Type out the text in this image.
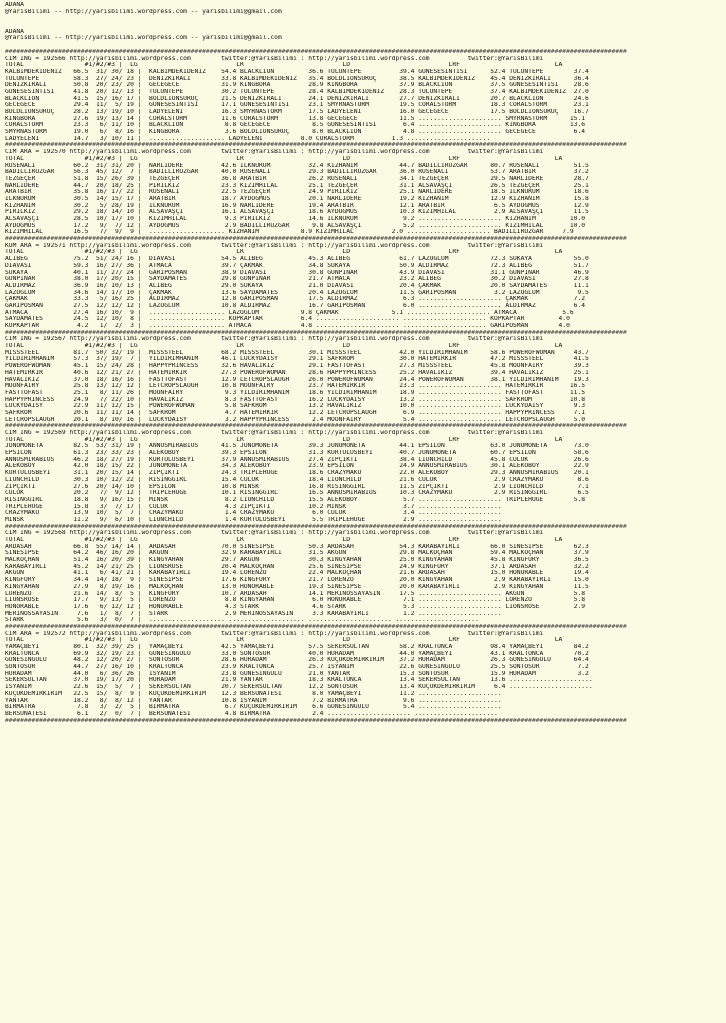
ADANA
@YarisBilimi -- http://yarisbilimi.wordpress.com -- yarisbilimi@gmail.com
ADANA
@YarisBilimi -- http://yarisbilimi.wordpress.com -- yarisbilimi@gmail.com
####################################################################################################################################################################
CIM ING = 192566 http://yarisbilimi.wordpress.com        twitter:@YarisBilimi : http://yarisbilimi.wordpress.com          twitter:@YarisBilimi
TOTAL                #1/#2/#3 |  LG                          LR                          LD                          LRF                         LA
KALBIMDEKIDENIZ   66.5  31/ 30/ 18 |  KALBIMDEKIDENIZ    54.4 BLACKLION         36.6 TÜLÜNTEPE          39.4 GÜNESESINTISI      52.4 TÜLÜNTEPE        37.4
TÜLÜNTEPE         58.3  27/ 24/ 23 |  DENIZKIRALI        33.8 KALBIMDEKIDENIZ   35.4 BOLDLIONSURUÇ      38.5 KALBIMDEKIDENIZ    45.4 DENIZKIRALI      36.4
DENIZKIRALI       50.8  20/ 23/ 20 |  GECEGECE           31.9 KINGBORA          28.9 KINGBORA           37.9 BLACKLION          37.5 GÜNESESINTISI    28.6
GÜNESESINTISI     41.8  20/ 12/ 13 |  TÜLÜNTEPE          30.2 TÜLÜNTEPE         28.4 KALBIMDEKIDENIZ    28.3 TÜLÜNTEPE          37.4 KALBIMDEKIDENIZ  27.0
BLACKLION         41.5  15/ 16/ 17 |  BOLDLIONSURUÇ      21.5 DENIZKIRALI       24.1 DENIZKIRALI        27.7 DENIZKIRALI        20.7 BLACKLION        24.6
GECEGECE          29.4  11/  5/ 19 |  GÜNESESINTISI      17.1 GÜNESESINTISI     23.1 SMYRNASTORM        19.5 CORALSTORM         18.3 CORALSTORM       23.1
BOLDLIONSURUÇ     28.2  13/ 19/ 10 |  LADYELENI          16.3 SMYRNASTORM       17.5 LADYELENI          16.0 GECEGECE           17.5 BOLDLIONSURUÇ    16.7
KINGBORA          27.6  19/ 13/ 14 |  CORALSTORM         11.6 CORALSTORM        13.8 GECEGECE           11.5 ...................... SMYRNASTORM      15.1
CORALSTORM        23.3   6/ 11/ 10 |  BLACKLION           8.8 GECEGECE           8.5 GÜNESESINTISI       6.4 ...................... KINGBORA         13.6
SMYRNASTORM       19.0   6/  8/ 16 |  KINGBORA            3.6 BOLDLIONSURUÇ      8.0 BLACKLION           4.8 ...................... GECEGECE          6.4
LADYELENI         14.7   3/ 10/ 11 |  .................... LADYELENI          8.0 CORALSTORM          1.3 ......................
####################################################################################################################################################################
CIM ARA = 192570 http://yarisbilimi.wordpress.com        twitter:@YarisBilimi : http://yarisbilimi.wordpress.com          twitter:@YarisBilimi
TOTAL                #1/#2/#3 |  LG                          LR                          LD                          LRF                         LA
RUSENALI          60.2  31/ 31/ 20 |  NARLIDERE          42.6 ILKNURUM          32.4 KIZHANIM           44.7 BADILLIRÜZGAR      80.7 RUSENALI         51.5
BADILLIRÜZGAR     56.3  45/ 12/  7 |  BADILLIRÜZGAR      40.0 RUSENALI          29.3 BADILLIRÜZGAR      36.0 RUSENALI           53.7 ARATBIR          37.2
TEZGEÇER          51.8  15/ 26/ 39 |  TEZGEÇER           36.8 ARATBIR           26.2 RUSENALI           34.1 TEZGEÇER           29.5 NARLIDERE        28.7
NARLIDERE         44.7  20/ 18/ 25 |  PIRILKIZ           23.3 KIZIMHILAL        25.1 TEZGEÇER           31.1 ALSAVAŞÇI          26.5 TEZGEÇER         25.1
ARATBIR           35.8  16/ 17/ 22 |  RUSENALI           22.5 TEZGEÇER          24.9 PIRILKIZ           25.1 NARLIDERE          18.5 ILKNURUM         18.6
ILKNURUM          30.5  14/ 15/ 17 |  ARATBIR            18.7 AYDOGMUS          20.1 NARLIDERE          19.2 KIZHANIM           12.9 KIZHANIM         15.8
KIZHANIM          30.2   5/ 28/ 19 |  ILKNURUM           16.9 NARLIDERE         19.4 ARATBIR            12.1 ARATBIR             6.5 AYDOGMUS         12.9
PIRILKIZ          29.2  18/ 14/ 10 |  ALSAVAŞÇI          16.1 ALSAVAŞÇI         18.6 AYDOGMUS           10.3 KIZIMHILAL          2.9 ALSAVAŞÇI        11.5
ALSAVAŞÇI         28.5  10/ 17/ 10 |  KIZIMHILAL          9.3 PIRILKIZ          14.6 ILKNURUM            9.2 ...................... KIZHANIM         10.0
AYDOGMUS          17.2   9/  7/ 12 |  AYDOGMUS            2.9 BADILLIRÜZGAR      9.8 ALSAVAŞÇI           5.2 ...................... KIZIMHILAL       10.0
KIZIMHILAL        16.5   7/  9/  9 |  .................... KIZHANIM           8.9 KIZIMHILAL          2.0 ...................... BADILLIRÜZGAR     7.9
####################################################################################################################################################################
KUM ARA = 192571 http://yarisbilimi.wordpress.com        twitter:@YarisBilimi : http://yarisbilimi.wordpress.com          twitter:@YarisBilimi
TOTAL                #1/#2/#3 |  LG                          LR                          LD                          LRF                         LA
ALIBEG            75.2  51/ 24/ 16 |  DIAVASI            54.5 ALIBEG            45.3 ALIBEG             61.7 LAZOGLUM           72.3 SUKAYA           55.0
DIAVASI           59.3  16/ 27/ 36 |  ATMACA             39.7 ÇAKMAK            34.8 SUKAYA             50.9 ALDIRMAZ           72.3 ALIBEG           51.7
SUKAYA            40.1  11/ 27/ 24 |  GARIPOSMAN         38.9 DIAVASI           30.8 GÜNPINAR           43.9 DIAVASI            31.1 GÜNPINAR         46.9
GÜNPINAR          38.0  17/ 20/ 15 |  SAYDAMATES         29.8 GÜNPINAR          21.7 ATMACA             23.2 ALIBEG             30.2 DIAVASI          27.8
ALDIRMAZ          36.9  16/ 10/ 13 |  ALIBEG             29.0 SUKAYA            21.0 DIAVASI            20.4 ÇAKMAK             20.0 SAYDAMATES       11.1
LAZOGLUM          34.6  14/ 17/ 10 |  ÇAKMAK             13.6 SAYDAMATES        20.4 LAZOGLUM           11.5 GARIPOSMAN          3.2 LAZOGLUM          9.5
ÇAKMAK            33.3   5/ 16/ 25 |  ALDIRMAZ           12.8 GARIPOSMAN        17.5 ALDIRMAZ            6.3 ...................... ÇAKMAK            7.2
GARIPOSMAN        27.5  12/ 12/ 12 |  LAZOGLUM           10.8 ALDIRMAZ          16.7 GARIPOSMAN          6.0 ...................... ALDIRMAZ          6.4
ATMACA            27.4  16/ 10/  9 |  .................... LAZOGLUM           9.8 ÇAKMAK              5.1 ...................... ATMACA            5.6
SAYDAMATES        24.5  12/ 10/  8 |  .................... KOPKAPTAR          6.4 ...................... ...................... KOPKAPTAR         4.0
KOPKAPTAR          4.2   1/  2/  3 |  .................... ATMACA             4.8 ...................... ...................... GARIPOSMAN        4.0
####################################################################################################################################################################
CIM ING = 192567 http://yarisbilimi.wordpress.com        twitter:@YarisBilimi : http://yarisbilimi.wordpress.com          twitter:@YarisBilimi
TOTAL                #1/#2/#3 |  LG                          LR                          LD                          LRF                         LA
MISSSTEEL         81.7  50/ 32/ 19 |  MISSSTEEL          68.2 MISSSTEEL         30.1 MISSSTEEL          42.0 YILDIRIMHANIM      58.6 POWEROFWOMAN     43.7
YILDIRIMHANIM     57.3  37/ 19/  7 |  YILDIRIMHANIM      46.1 LUCKYDAISY        29.1 SAFKROM            30.0 HATEMIRKIR         47.2 MISSSTEEL        41.5
POWEROFWOMAN      45.1  15/ 24/ 28 |  HAPPYPRINCESS      32.6 HAVALIKIZ         29.1 FASTTOFAST         27.3 MISSSTEEL          45.8 MOONFAIRY        39.3
HATEMIRKIR        40.6  12/ 21/ 27 |  HATEMIRKIR         27.3 POWEROFWOMAN      28.6 HAPPYPRINCESS      25.2 HAVALIKIZ          39.4 HAVALIKIZ        25.1
HAVALIKIZ         37.0  18/ 16/ 16 |  FASTTOFAST         12.9 LETCROPSLAUGH     26.0 POWEROFWOMAN       24.4 POWEROFWOMAN       38.1 YILDIRIMHANIM    19.3
MOONFAIRY         25.8  13/ 12/ 12 |  LETCROPSLAUGH      10.8 MOONFAIRY         23.7 HATEMIRKIR         23.3 ...................... HATEMIRKIR       16.5
FASTTOFAST        25.1   8/ 11/ 26 |  MOONFAIRY           9.3 YILDIRIMHANIM     18.6 YILDIRIMHANIM      18.9 ...................... FASTTOFAST       11.5
HAPPYPRINCESS     24.9   7/ 22/ 10 |  HAVALIKIZ           8.3 FASTTOFAST        16.2 LUCKYDAISY         13.2 ...................... SAFKROM          10.8
LUCKYDAISY        22.9  11/ 12/ 15 |  POWEROFWOMAN        5.8 SAFKROM           13.2 HAVALIKIZ          10.0 ...................... LUCKYDAISY        9.3
SAFKROM           20.6  11/ 11/ 14 |  SAFKROM             4.7 HATEMIRKIR        12.2 LETCROPSLAUGH       6.9 ...................... HAPPYPRINCESS     7.1
LETCROPSLAUGH     20.1   8/ 10/ 16 |  LUCKYDAISY          3.2 HAPPYPRINCESS      2.4 MOONFAIRY           5.4 ...................... LETCROPSLAUGH     5.0
####################################################################################################################################################################
CIM ING = 192569 http://yarisbilimi.wordpress.com        twitter:@YarisBilimi : http://yarisbilimi.wordpress.com          twitter:@YarisBilimi
TOTAL                #1/#2/#3 |  LG                          LR                          LD                          LRF                         LA
JUNOMONETA        82.5  53/ 31/ 19 |  ANNUSMIRABIUS      41.5 JUNOMONETA        39.3 JUNOMONETA         44.1 EPSILON            63.0 JUNOMONETA       73.0
EPSILON           61.3  23/ 33/ 23 |  ALEKOBOY           39.3 EPSILON           31.3 KURTULUSBEYI       40.7 JUNOMONETA         60.7 EPSILON          58.6
ANNUSMIRABIUS     46.2  18/ 27/ 19 |  KURTULUSBEYI       37.9 ANNUSMIRABIUS     27.4 ZIPÇIKTI           38.4 LIONCHILD          45.8 CÜLÜK            26.6
ALEKOBOY          42.0  18/ 15/ 22 |  JUNOMONETA         34.3 ALEKOBOY          23.9 EPSILON            24.9 ANNUSMIRABIUS      30.1 ALEKOBOY         22.9
KURTULUSBEYI      31.1  20/ 15/ 14 |  ZIPÇIKTI           24.3 TRIPLEHUGE        18.6 CRAZYMAKU          22.0 ALEKOBOY           29.3 ANNUSMIRABIUS    20.1
LIONCHILD         30.3  10/ 12/ 22 |  RISINGGIRL         15.4 CÜLÜK             18.4 LIONCHILD          21.6 CÜLÜK               2.9 CRAZYMAKU         8.6
ZIPÇIKTI          27.6  20/ 14/ 10 |  EPSILON            10.8 MINSK             16.8 RISINGGIRL         11.5 ZIPÇIKTI            2.9 LIONCHILD         7.1
CÜLÜK             20.2   7/  9/ 12 |  TRIPLEHUGE         10.1 RISINGGIRL        16.5 ANNUSMIRABIUS      10.3 CRAZYMAKU           2.9 RISINGGIRL        6.5
RISINGGIRL        18.8   9/ 16/ 15 |  MINSK               8.2 LIONCHILD         15.5 ALEKOBOY            5.7 ...................... TRIPLEHUGE        5.8
TRIPLEHUGE        15.8   3/  7/ 17 |  CÜLÜK               4.3 ZIPÇIKTI          10.2 MINSK               3.7 ......................
CRAZYMAKU         13.9  10/  5/  7 |  CRAZYMAKU           1.4 CRAZYMAKU          6.0 CÜLÜK               3.4 ......................
MINSK             11.2   9/  6/ 10 |  LIONCHILD           1.4 KURTULUSBEYI       5.5 TRIPLEHUGE          2.9 ......................
####################################################################################################################################################################
CIM ING = 192568 http://yarisbilimi.wordpress.com        twitter:@YarisBilimi : http://yarisbilimi.wordpress.com          twitter:@YarisBilimi
TOTAL                #1/#2/#3 |  LG                          LR                          LD                          LRF                         LA
ARDASAH           66.8  55/ 14/ 14 |  ARDASAH            70.0 SINESIPSE         50.3 ARDASAH            54.3 KARABAYIRLI        66.0 SINESIPSE        62.3
SINESIPSE         64.2  46/ 16/ 20 |  AKGÜN              32.9 KARABAYIRLI       31.5 AKGÜN              29.8 MALKOÇHAN          59.4 MALKOÇHAN        37.9
MALKOÇHAN         51.4  16/ 20/ 39 |  KINGYAHAN          29.7 AKGÜN             30.3 KINGYAHAN          25.0 KINGYAHAN          45.8 KINGFURY         36.5
KARABAYIRLI       45.2  14/ 21/ 25 |  LIONSROSE          20.4 MALKOÇHAN         25.6 SINESIPSE          24.9 KINGFURY           37.1 ARDASAH          32.2
AKGÜN             41.1   6/ 41/ 21 |  KARABAYIRLI        19.4 LORENZO           22.4 MALKOÇHAN          21.6 ARDASAH            15.0 HONORABLE        19.4
KINGFURY          34.4  14/ 18/  9 |  SINESIPSE          17.6 KINGFURY          21.7 LORENZO            20.0 KINGYAHAN           2.9 KARABAYIRLI      15.0
KINGYAHAN         27.9   8/ 19/ 16 |  MALKOÇHAN          13.0 HONORABLE         19.3 SINESIPSE          20.0 KARABAYIRLI         2.9 KINGYAHAN        11.5
LORENZO           21.6  14/  8/  5 |  KINGFURY           10.7 ARDASAH           14.1 MERINOSSAYASIN     17.5 ...................... AKGÜN             5.8
LIONSROSE         17.7   9/ 13/  5 |  LORENZO             8.8 KINGYAHAN          6.0 HONORABLE           7.1 ...................... LORENZO           5.8
HONORABLE         17.6   6/ 12/ 12 |  HONORABLE           4.3 STARK              4.6 STARK               5.3 ...................... LIONSROSE         2.9
MERINOSSAYASIN     7.6   1/  8/  7 |  STARK               2.9 MERINOSSAYASIN     3.3 KARABAYIRLI         1.2 ......................
STARK              5.6   3/  0/  7 |  .................... .................... ...................... ......................
####################################################################################################################################################################
CIM ARA = 192572 http://yarisbilimi.wordpress.com        twitter:@YarisBilimi : http://yarisbilimi.wordpress.com          twitter:@YarisBilimi
TOTAL                #1/#2/#3 |  LG                          LR                          LD                          LRF                         LA
YAMAÇBEYI         80.1  32/ 39/ 25 |  YAMAÇBEYI          42.5 YAMAÇBEYI         57.5 SEKERSULTAN        58.2 KRALTUNCA          98.4 YAMAÇBEYI        84.2
KRALTUNCA         69.9  32/ 19/ 23 |  GÜNESINGÜLÜ        33.0 SONTOSUR          40.0 HÜRADAM            44.0 YAMAÇBEYI          43.1 KRALTUNCA        70.2
GÜNESINGÜLÜ       48.2  12/ 20/ 27 |  SONTOSUR           28.6 HÜRADAM           26.3 KÜÇÜKDEMIRKIRIM    37.2 HÜRADAM            26.3 GÜNESINGÜLÜ      64.4
SONTOSUR          44.7  27/ 16/ 10 |  KRALTUNCA          23.9 KRALTUNCA         25.7 ISYANIM            22.6 GÜNESINGÜLÜ        25.5 SONTOSUR          7.2
HÜRADAM           44.0   6/ 36/ 26 |  ISYANIM            23.8 GÜNESINGÜLÜ       21.0 YANTAR             15.3 SONTOSUR           15.9 HÜRADAM           3.2
SEKERSULTAN       37.0  19/ 17/ 20 |  HÜRADAM            21.9 YANTAR            18.3 KRALTUNCA          13.4 SEKERSULTAN        13.6 ......................
ISYANIM           22.6  15/  5/  7 |  SEKERSULTAN        20.7 SEKERSULTAN       12.2 SONTOSUR           13.4 KÜÇÜKDEMIRKIRIM     6.4 ......................
KÜÇÜKDEMIRKIRIM   22.5  15/  8/  9 |  KÜÇÜKDEMIRKIRIM    12.3 BERSUNATESI        8.0 YAMAÇBEYI          11.2 ......................
YANTAR            18.2   8/  8/ 12 |  YANTAR             10.8 ISYANIM            7.2 BIRMATRA            9.6 ......................
BIRMATRA           7.8   3/  2/  5 |  BIRMATRA            6.7 KÜÇÜKDEMIRKIRIM    6.6 GÜNESINGÜLÜ         5.4 ......................
BERSUNATESI        6.1   2/  0/  7 |  BERSUNATESI         4.8 BIRMATRA           2.4 ...................... ......................
####################################################################################################################################################################
